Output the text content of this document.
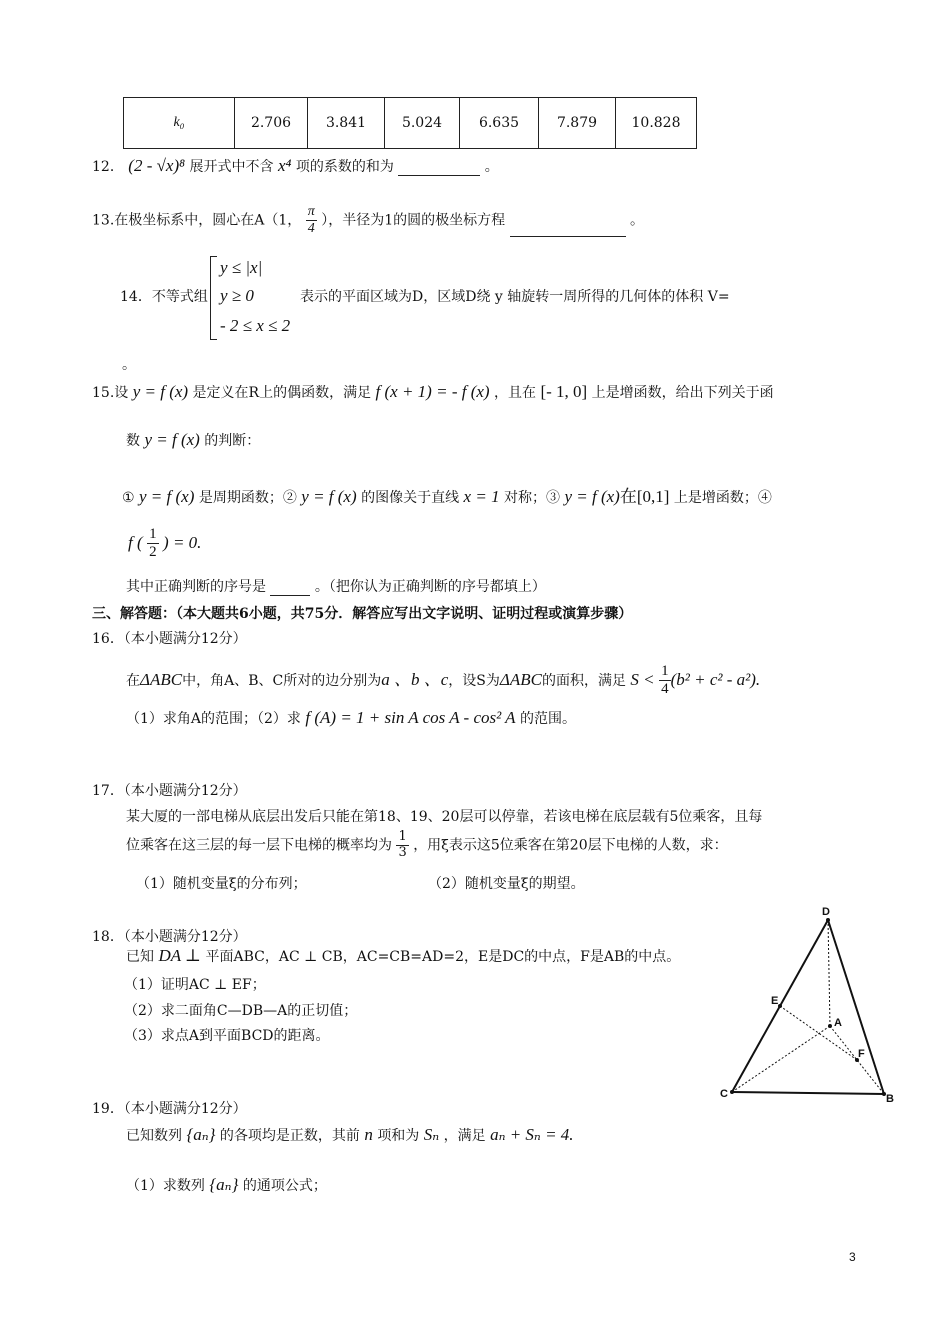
k₀	2.706	3.841	5.024	6.635	7.879	10.828
12． (2 - √x)⁸ 展开式中不含 x⁴ 项的系数的和为	。
13.在极坐标系中，圆心在A（1， $\frac{\pi}{4}$ ），半径为1的圆的极坐标方程	。
14．不等式组
y ≤ |x|
y ≥ 0
- 2 ≤ x ≤ 2
表示的平面区域为D，区域D绕 y 轴旋转一周所得的几何体的体积 V=
。
15.设 y = f (x) 是定义在R上的偶函数，满足 f (x + 1) = - f (x) ，且在 [- 1, 0] 上是增函数，给出下列关于函
数 y = f (x) 的判断：
① y = f (x) 是周期函数；② y = f (x) 的图像关于直线 x = 1 对称；③ y = f (x)在[0,1] 上是增函数；④
f ( $\frac{1}{2}$ ) = 0.
其中正确判断的序号是	。（把你认为正确判断的序号都填上）
三、解答题：（本大题共6小题，共75分．解答应写出文字说明、证明过程或演算步骤）
16．（本小题满分12分）
在ΔABC中，角A、B、C所对的边分别为a 、b 、c，设S为ΔABC的面积，满足 $S < \frac{1}{4} (b^2 + c^2 - a^2)$.
（1）求角A的范围；（2）求 f (A) = 1 + sin A cos A - cos² A 的范围。
17．（本小题满分12分）
某大厦的一部电梯从底层出发后只能在第18、19、20层可以停靠，若该电梯在底层载有5位乘客，且每
位乘客在这三层的每一层下电梯的概率均为 $\frac{1}{3}$ ，用ξ表示这5位乘客在第20层下电梯的人数，求：
（1）随机变量ξ的分布列；	（2）随机变量ξ的期望。
18．（本小题满分12分）
已知 DA ⊥ 平面ABC，AC ⊥ CB，AC=CB=AD=2，E是DC的中点，F是AB的中点。
（1）证明AC ⊥ EF；
（2）求二面角C—DB—A的正切值；
（3）求点A到平面BCD的距离。
D
E
A
F
C	B
19．（本小题满分12分）
已知数列 {aₙ} 的各项均是正数，其前 n 项和为 Sₙ ，满足 aₙ + Sₙ = 4.
（1）求数列 {aₙ} 的通项公式；
3
